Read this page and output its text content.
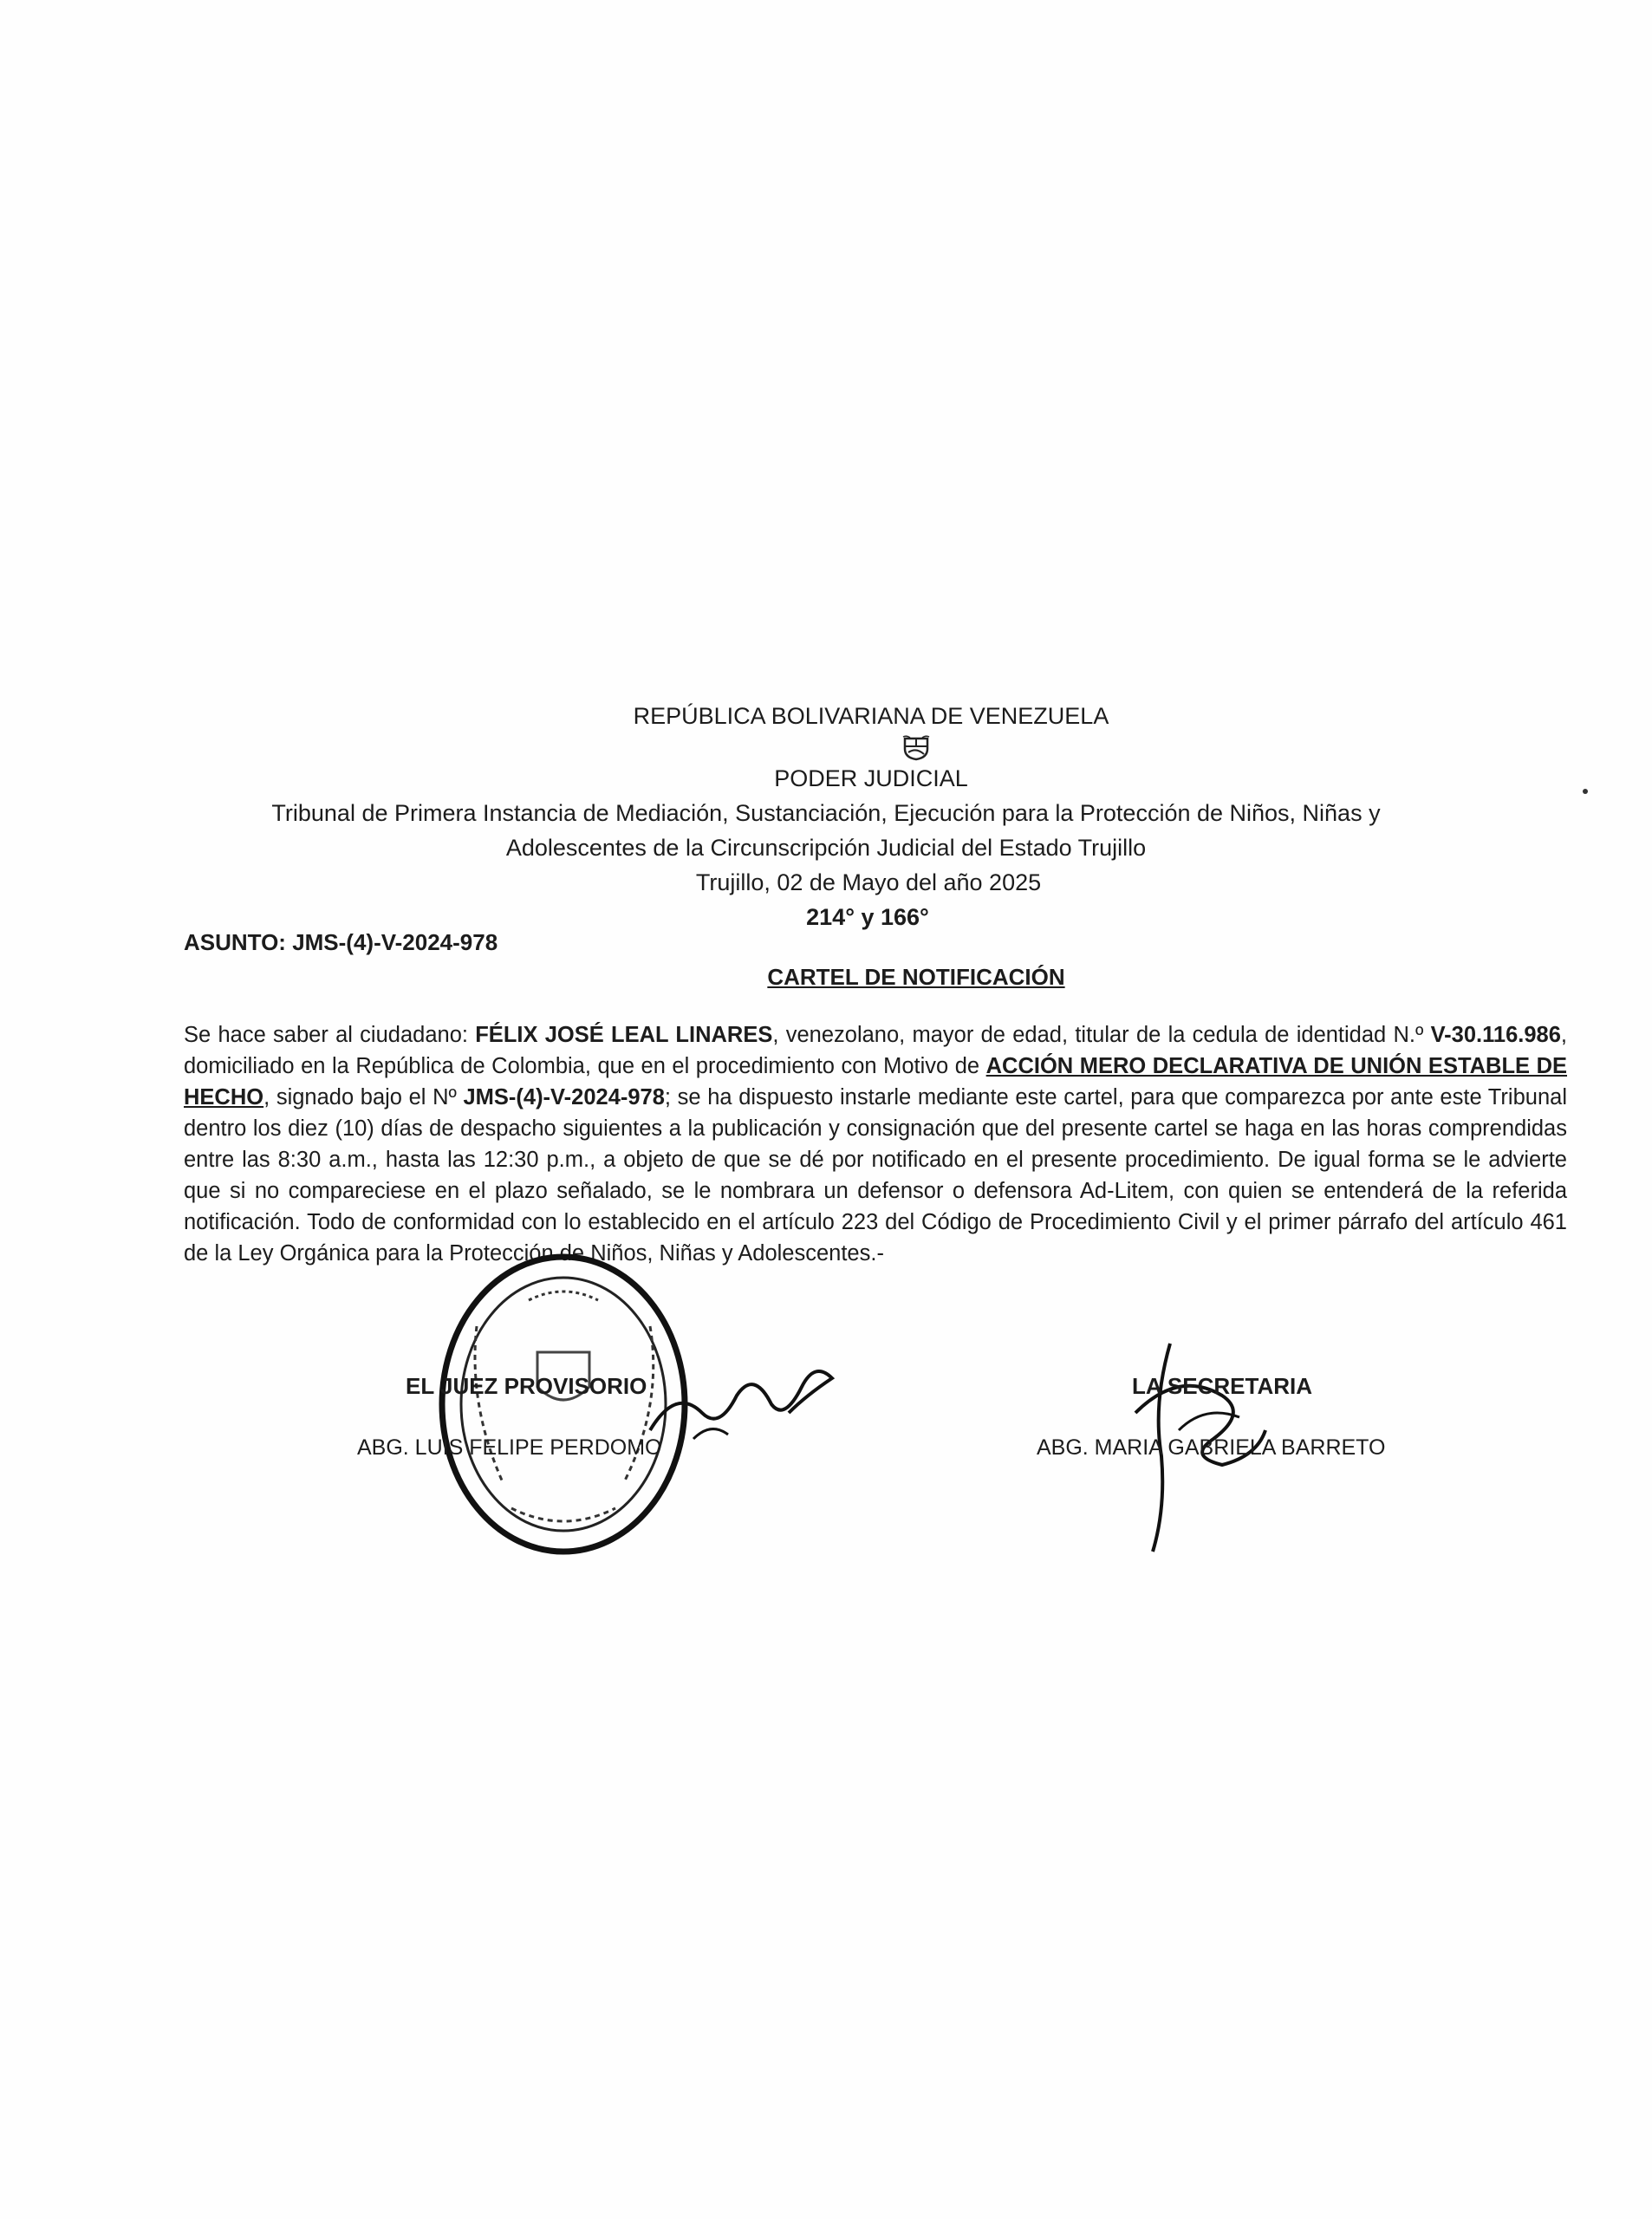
REPÚBLICA BOLIVARIANA DE VENEZUELA
PODER JUDICIAL
Tribunal de Primera Instancia de Mediación, Sustanciación, Ejecución para la Protección de Niños, Niñas y
Adolescentes de la Circunscripción Judicial del Estado Trujillo
Trujillo, 02 de Mayo del año 2025
214° y 166°
ASUNTO: JMS-(4)-V-2024-978
CARTEL DE NOTIFICACIÓN
Se hace saber al ciudadano: FÉLIX JOSÉ LEAL LINARES, venezolano, mayor de edad, titular de la cedula de identidad N.º V-30.116.986, domiciliado en la República de Colombia, que en el procedimiento con Motivo de ACCIÓN MERO DECLARATIVA DE UNIÓN ESTABLE DE HECHO, signado bajo el Nº JMS-(4)-V-2024-978; se ha dispuesto instarle mediante este cartel, para que comparezca por ante este Tribunal dentro los diez (10) días de despacho siguientes a la publicación y consignación que del presente cartel se haga en las horas comprendidas entre las 8:30 a.m., hasta las 12:30 p.m., a objeto de que se dé por notificado en el presente procedimiento. De igual forma se le advierte que si no compareciese en el plazo señalado, se le nombrara un defensor o defensora Ad-Litem, con quien se entenderá de la referida notificación. Todo de conformidad con lo establecido en el artículo 223 del Código de Procedimiento Civil y el primer párrafo del artículo 461 de la Ley Orgánica para la Protección de Niños, Niñas y Adolescentes.-
EL JUEZ PROVISORIO
ABG. LUIS FELIPE PERDOMO
LA SECRETARIA
ABG. MARIA GABRIELA BARRETO
